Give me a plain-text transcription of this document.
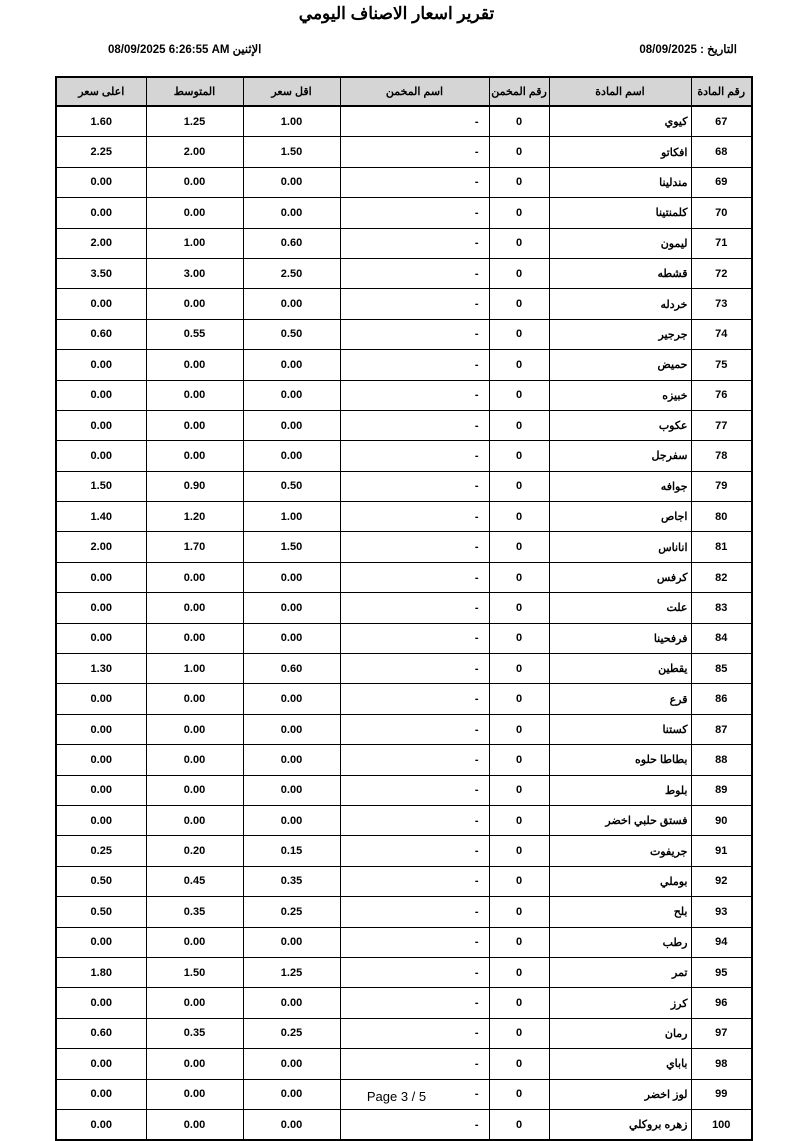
تقرير اسعار الاصناف اليومي
الإثنين 08/09/2025 6:26:55 AM	التاريخ : 08/09/2025
رقم المادة	اسم المادة	رقم المخمن	اسم المخمن	اقل سعر	المتوسط	اعلى سعر
67	كيوي	0	-	1.00	1.25	1.60
68	افكاتو	0	-	1.50	2.00	2.25
69	مندلينا	0	-	0.00	0.00	0.00
70	كلمنتينا	0	-	0.00	0.00	0.00
71	ليمون	0	-	0.60	1.00	2.00
72	قشطه	0	-	2.50	3.00	3.50
73	خردله	0	-	0.00	0.00	0.00
74	جرجير	0	-	0.50	0.55	0.60
75	حميض	0	-	0.00	0.00	0.00
76	خبيزه	0	-	0.00	0.00	0.00
77	عكوب	0	-	0.00	0.00	0.00
78	سفرجل	0	-	0.00	0.00	0.00
79	جوافه	0	-	0.50	0.90	1.50
80	اجاص	0	-	1.00	1.20	1.40
81	اناناس	0	-	1.50	1.70	2.00
82	كرفس	0	-	0.00	0.00	0.00
83	علت	0	-	0.00	0.00	0.00
84	فرفحينا	0	-	0.00	0.00	0.00
85	يقطين	0	-	0.60	1.00	1.30
86	قرع	0	-	0.00	0.00	0.00
87	كستنا	0	-	0.00	0.00	0.00
88	بطاطا حلوه	0	-	0.00	0.00	0.00
89	بلوط	0	-	0.00	0.00	0.00
90	فستق حلبي اخضر	0	-	0.00	0.00	0.00
91	جريفوت	0	-	0.15	0.20	0.25
92	بوملي	0	-	0.35	0.45	0.50
93	بلح	0	-	0.25	0.35	0.50
94	رطب	0	-	0.00	0.00	0.00
95	تمر	0	-	1.25	1.50	1.80
96	كرز	0	-	0.00	0.00	0.00
97	رمان	0	-	0.25	0.35	0.60
98	باباي	0	-	0.00	0.00	0.00
99	لوز اخضر	0	-	0.00	0.00	0.00
100	زهره بروكلي	0	-	0.00	0.00	0.00
Page 3 / 5
